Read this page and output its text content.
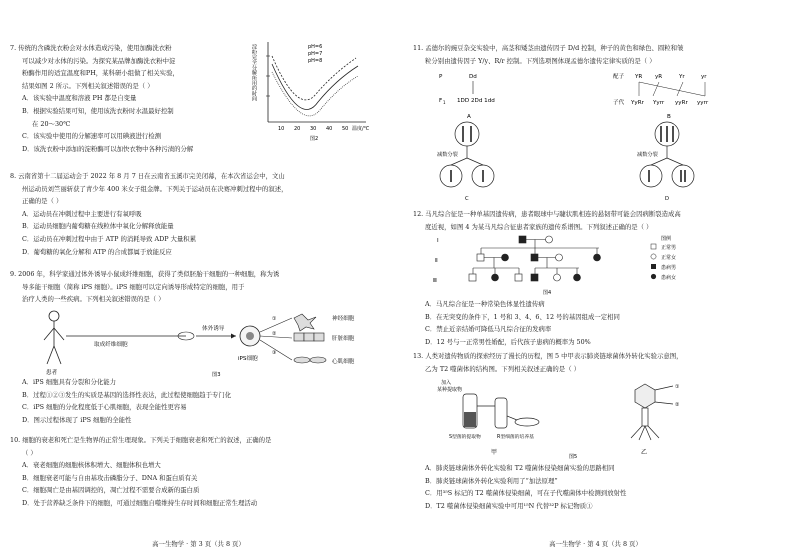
7. 传统的含磷洗衣粉会对水体造成污染，使用加酶洗衣粉

可以减少对水体的污染。为探究某品牌加酶洗衣粉中淀

粉酶作用的适宜温度和PH，某科研小组做了相关实验，

结果如图 2 所示。下列相关叙述错误的是（ ）

A．该实验中温度和溶液 PH 都是自变量

B．根据实验结果可知，使用该洗衣粉时水温最好控制

在 20～30℃

C．该实验中使用的分解速率可以用碘液进行检测

D．该洗衣粉中添加的淀粉酶可以加快衣物中各种污渍的分解

淀粉完全分解所用的时间	pH=6
pH=7
pH=8
10 20 30 40 50 温度/℃
图2

8. 云南省第十二届运动会于 2022 年 8 月 7 日在云南省玉溪市完美闭幕，在本次省运会中，文山

州运动员刘竺丽斩获了青少年 400 米女子组金牌。下列关于运动员在决赛冲刺过程中的叙述，

正确的是（ ）

A．运动员在冲刺过程中主要进行有氧呼吸

B．运动员细胞内葡萄糖在线粒体中氧化分解释放能量

C．运动员在冲刺过程中由于 ATP 的消耗导致 ADP 大量积累

D．葡萄糖的氧化分解和 ATP 的合成都属于放能反应

9. 2006 年，科学家通过体外诱导小鼠成纤维细胞，获得了类似胚胎干细胞的一种细胞，称为诱

导多能干细胞（简称 iPS 细胞）。iPS 细胞可以定向诱导形成特定的细胞，用于

治疗人类的一些疾病。下列相关叙述错误的是（ ）

患者
取成纤维细胞
体外诱导
iPS细胞
①
②
③
神经细胞
肝脏细胞
心肌细胞
图3

A．iPS 细胞具有分裂和分化能力

B．过程①②③发生的实质是基因的选择性表达，此过程使细胞趋于专门化

C．iPS 细胞的分化程度低于心肌细胞，表现全能性更容易

D．图示过程体现了 iPS 细胞的全能性

10. 细胞的衰老和死亡是生物界的正常生理现象。下列关于细胞衰老和死亡的叙述，正确的是

（ ）

A．衰老细胞的细胞核体积增大、细胞体积也增大

B．细胞衰老可能与自由基攻击磷脂分子、DNA 和蛋白质有关

C．细胞凋亡是由基因调控的，凋亡过程不需要合成新的蛋白质

D．处于营养缺乏条件下的细胞，可通过细胞自噬维持生存时间和细胞正常生理活动

高一生物学 · 第 3 页（共 8 页）

11. 孟德尔的豌豆杂交实验中，高茎和矮茎由遗传因子 D/d 控制，种子的黄色和绿色、圆粒和皱

粒分别由遗传因子 Y/y、R/r 控制。下列选项图体现孟德尔遗传定律实质的是（ ）

P	Dd
F 1 1DD 2Dd 1dd
A
配子 YR yR	Yr	yr
子代 YyRr Yyrr yyRr yyrr
B
减数分裂	减数分裂
C	D

12. 马凡综合征是一种单基因遗传病，患者眼球中与睫状肌相连的悬韧带可能会因病断裂造成高

度近视，如图 4 为某马凡综合征患者家族的遗传系谱图。下列叙述正确的是（ ）

Ⅰ
Ⅱ
Ⅲ
图例
正常男
正常女
患病男
患病女
图4

A．马凡综合征是一种常染色体显性遗传病

B．在无突变的条件下，1 号和 3、4、6、12 号的基因组成一定相同

C．禁止近亲结婚可降低马凡综合征的发病率

D．12 号与一正常男性婚配，后代孩子患病的概率为 50%

13. 人类对遗传物质的探索经历了漫长的历程，图 5 中甲表示肺炎链球菌体外转化实验示意图，

乙为 T2 噬菌体的结构图。下列相关叙述正确的是（ ）

加入
某种提取物
S型菌的提取物	R型细菌的培养基
甲
①
②
乙
图5

A．肺炎链球菌体外转化实验和 T2 噬菌体侵染细菌实验的思路相同

B．肺炎链球菌体外转化实验利用了“加法原理”

C．用³⁵S 标记的 T2 噬菌体侵染细菌，可在子代噬菌体中检测到放射性

D．T2 噬菌体侵染细菌实验中可用¹⁵N 代替³²P 标记物质①

高一生物学 · 第 4 页（共 8 页）
